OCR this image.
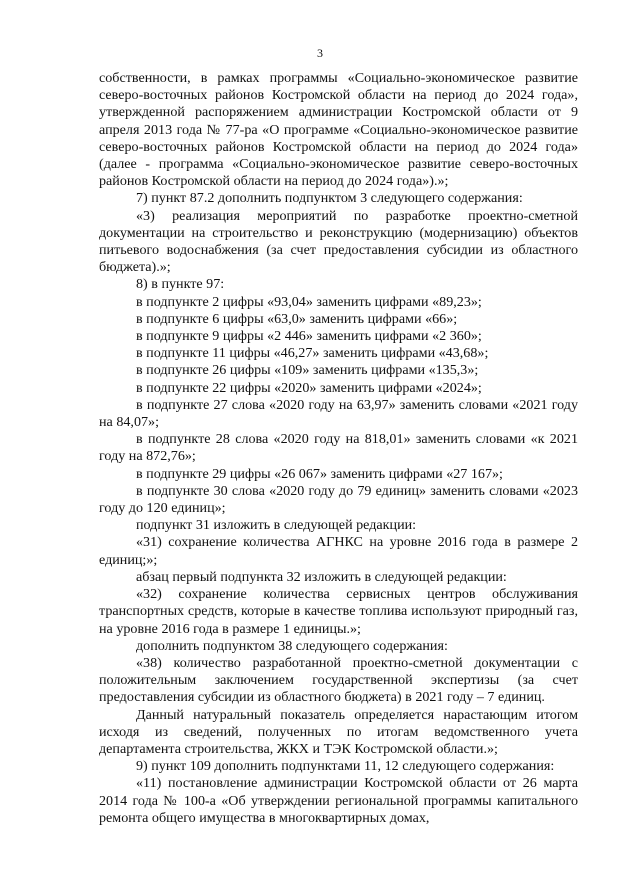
3

собственности, в рамках программы «Социально-экономическое развитие северо-восточных районов Костромской области на период до 2024 года», утвержденной распоряжением администрации Костромской области от 9 апреля 2013 года № 77-ра «О программе «Социально-экономическое развитие северо-восточных районов Костромской области на период до 2024 года» (далее - программа «Социально-экономическое развитие северо-восточных районов Костромской области на период до 2024 года»).»;

7) пункт 87.2 дополнить подпунктом 3 следующего содержания:

«3) реализация мероприятий по разработке проектно-сметной документации на строительство и реконструкцию (модернизацию) объектов питьевого водоснабжения (за счет предоставления субсидии из областного бюджета).»;

8) в пункте 97:

в подпункте 2 цифры «93,04» заменить цифрами «89,23»;

в подпункте 6 цифры «63,0» заменить цифрами «66»;

в подпункте 9 цифры «2 446» заменить цифрами «2 360»;

в подпункте 11 цифры «46,27» заменить цифрами «43,68»;

в подпункте 26 цифры «109» заменить цифрами «135,3»;

в подпункте 22 цифры «2020» заменить цифрами «2024»;

в подпункте 27 слова «2020 году на 63,97» заменить словами «2021 году на 84,07»;

в подпункте 28 слова «2020 году на 818,01» заменить словами «к 2021 году на 872,76»;

в подпункте 29 цифры «26 067» заменить цифрами «27 167»;

в подпункте 30 слова «2020 году до 79 единиц» заменить словами «2023 году до 120 единиц»;

подпункт 31 изложить в следующей редакции:

«31) сохранение количества АГНКС на уровне 2016 года в размере 2 единиц;»;

абзац первый подпункта 32 изложить в следующей редакции:

«32) сохранение количества сервисных центров обслуживания транспортных средств, которые в качестве топлива используют природный газ, на уровне 2016 года в размере 1 единицы.»;

дополнить подпунктом 38 следующего содержания:

«38) количество разработанной проектно-сметной документации с положительным заключением государственной экспертизы (за счет предоставления субсидии из областного бюджета) в 2021 году – 7 единиц.

Данный натуральный показатель определяется нарастающим итогом исходя из сведений, полученных по итогам ведомственного учета департамента строительства, ЖКХ и ТЭК Костромской области.»;

9) пункт 109 дополнить подпунктами 11, 12 следующего содержания:

«11) постановление администрации Костромской области от 26 марта 2014 года № 100-а «Об утверждении региональной программы капитального ремонта общего имущества в многоквартирных домах,
